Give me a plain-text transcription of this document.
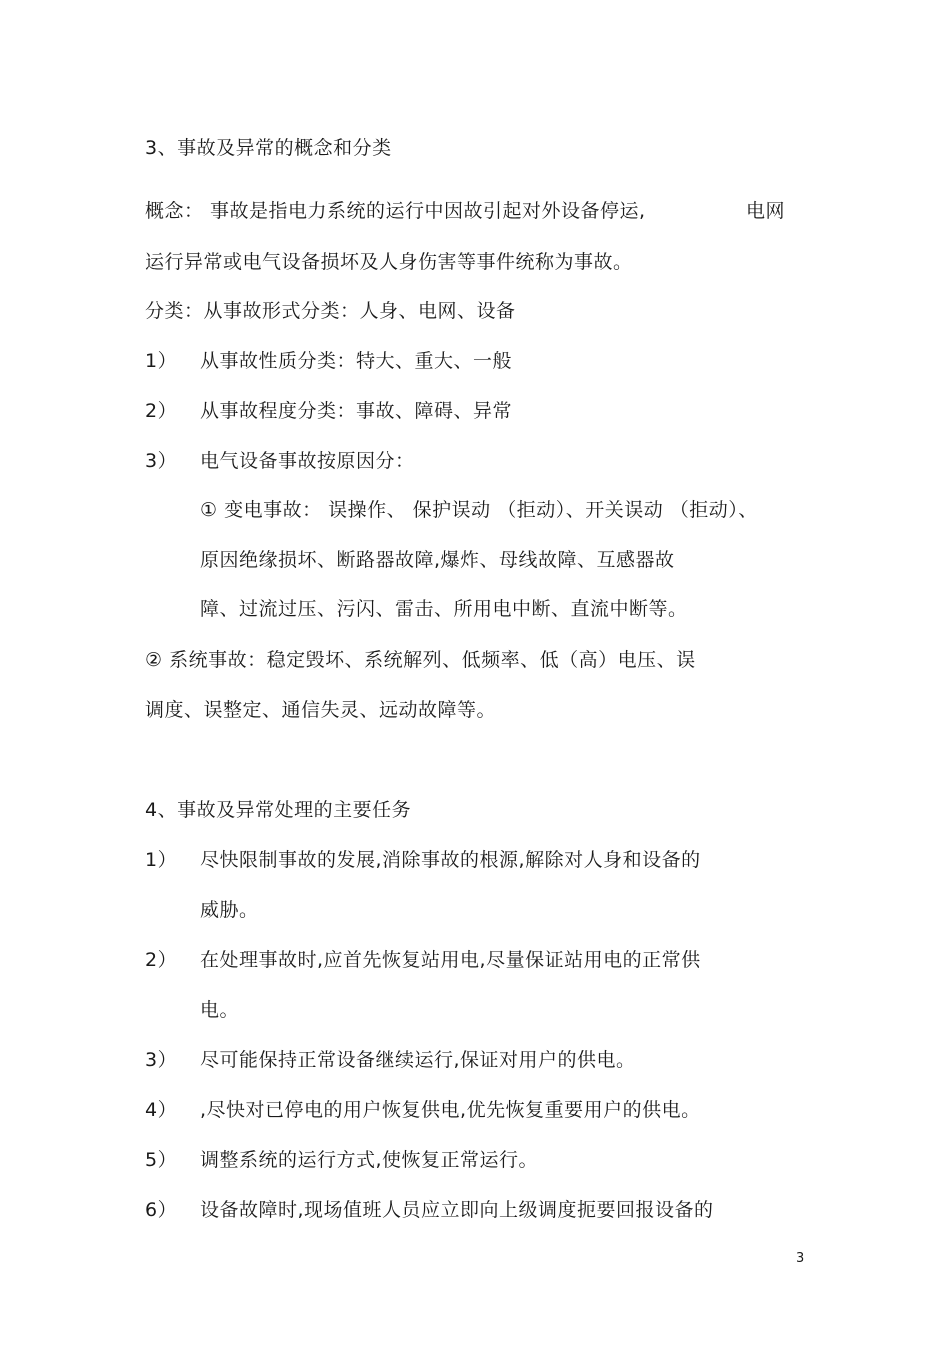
3、事故及异常的概念和分类
概念： 事故是指电力系统的运行中因故引起对外设备停运,	电网
运行异常或电气设备损坏及人身伤害等事件统称为事故。
分类：从事故形式分类：人身、电网、设备
1） 从事故性质分类：特大、重大、一般
2） 从事故程度分类：事故、障碍、异常
3） 电气设备事故按原因分：
① 变电事故： 误操作、 保护误动 （拒动）、开关误动 （拒动）、
原因绝缘损坏、断路器故障,爆炸、母线故障、互感器故
障、过流过压、污闪、雷击、所用电中断、直流中断等。
② 系统事故：稳定毁坏、系统解列、低频率、低（高）电压、误
调度、误整定、通信失灵、远动故障等。
4、事故及异常处理的主要任务
1） 尽快限制事故的发展,消除事故的根源,解除对人身和设备的
威胁。
2） 在处理事故时,应首先恢复站用电,尽量保证站用电的正常供
电。
3） 尽可能保持正常设备继续运行,保证对用户的供电。
4） ,尽快对已停电的用户恢复供电,优先恢复重要用户的供电。
5） 调整系统的运行方式,使恢复正常运行。
6） 设备故障时,现场值班人员应立即向上级调度扼要回报设备的
3
